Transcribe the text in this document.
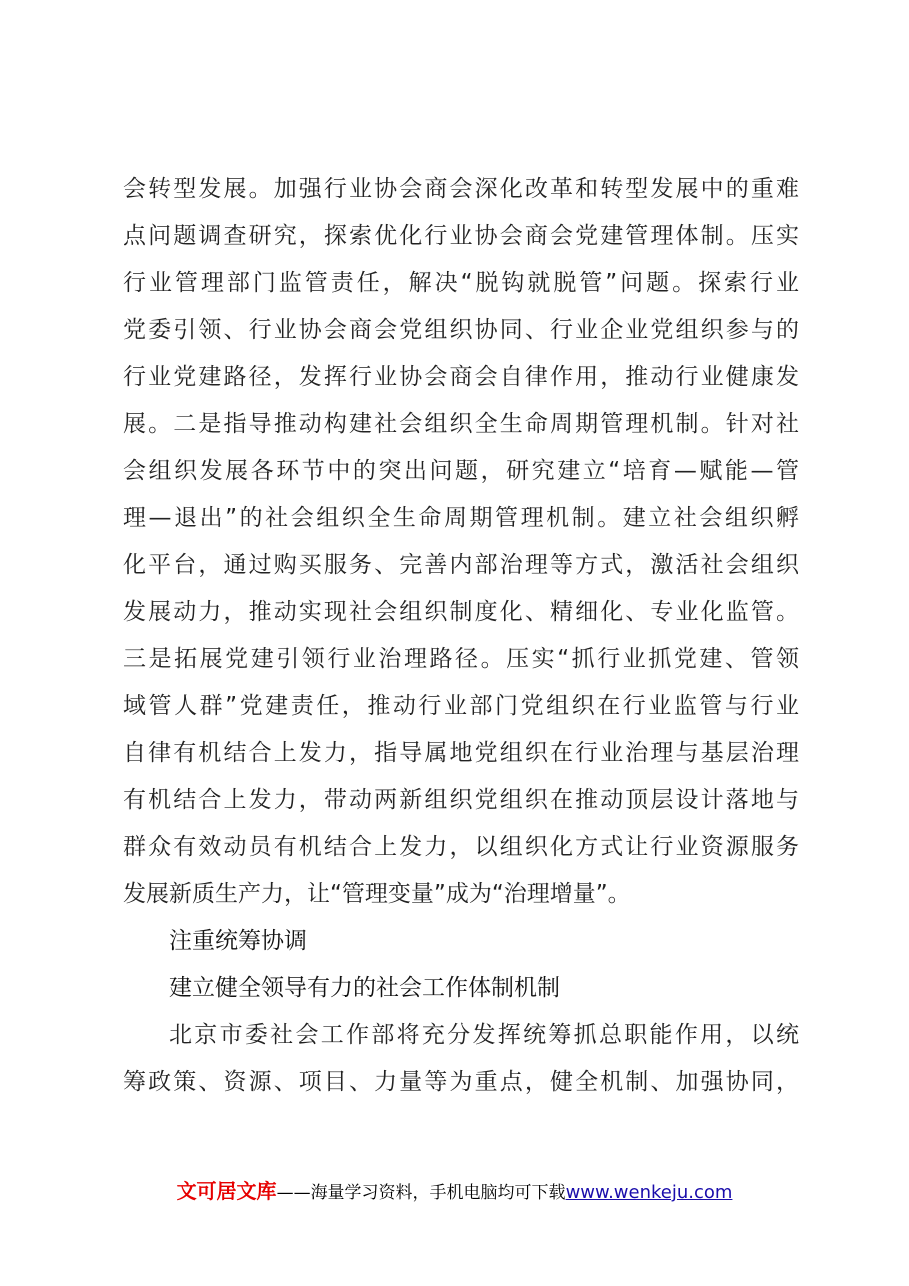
会转型发展。加强行业协会商会深化改革和转型发展中的重难
点问题调查研究，探索优化行业协会商会党建管理体制。压实
行业管理部门监管责任，解决“脱钩就脱管”问题。探索行业
党委引领、行业协会商会党组织协同、行业企业党组织参与的
行业党建路径，发挥行业协会商会自律作用，推动行业健康发
展。二是指导推动构建社会组织全生命周期管理机制。针对社
会组织发展各环节中的突出问题，研究建立“培育—赋能—管
理—退出”的社会组织全生命周期管理机制。建立社会组织孵
化平台，通过购买服务、完善内部治理等方式，激活社会组织
发展动力，推动实现社会组织制度化、精细化、专业化监管。
三是拓展党建引领行业治理路径。压实“抓行业抓党建、管领
域管人群”党建责任，推动行业部门党组织在行业监管与行业
自律有机结合上发力，指导属地党组织在行业治理与基层治理
有机结合上发力，带动两新组织党组织在推动顶层设计落地与
群众有效动员有机结合上发力，以组织化方式让行业资源服务
发展新质生产力，让“管理变量”成为“治理增量”。
注重统筹协调
建立健全领导有力的社会工作体制机制
北京市委社会工作部将充分发挥统筹抓总职能作用，以统
筹政策、资源、项目、力量等为重点，健全机制、加强协同，
文可居文库——海量学习资料，手机电脑均可下载www.wenkeju.com
